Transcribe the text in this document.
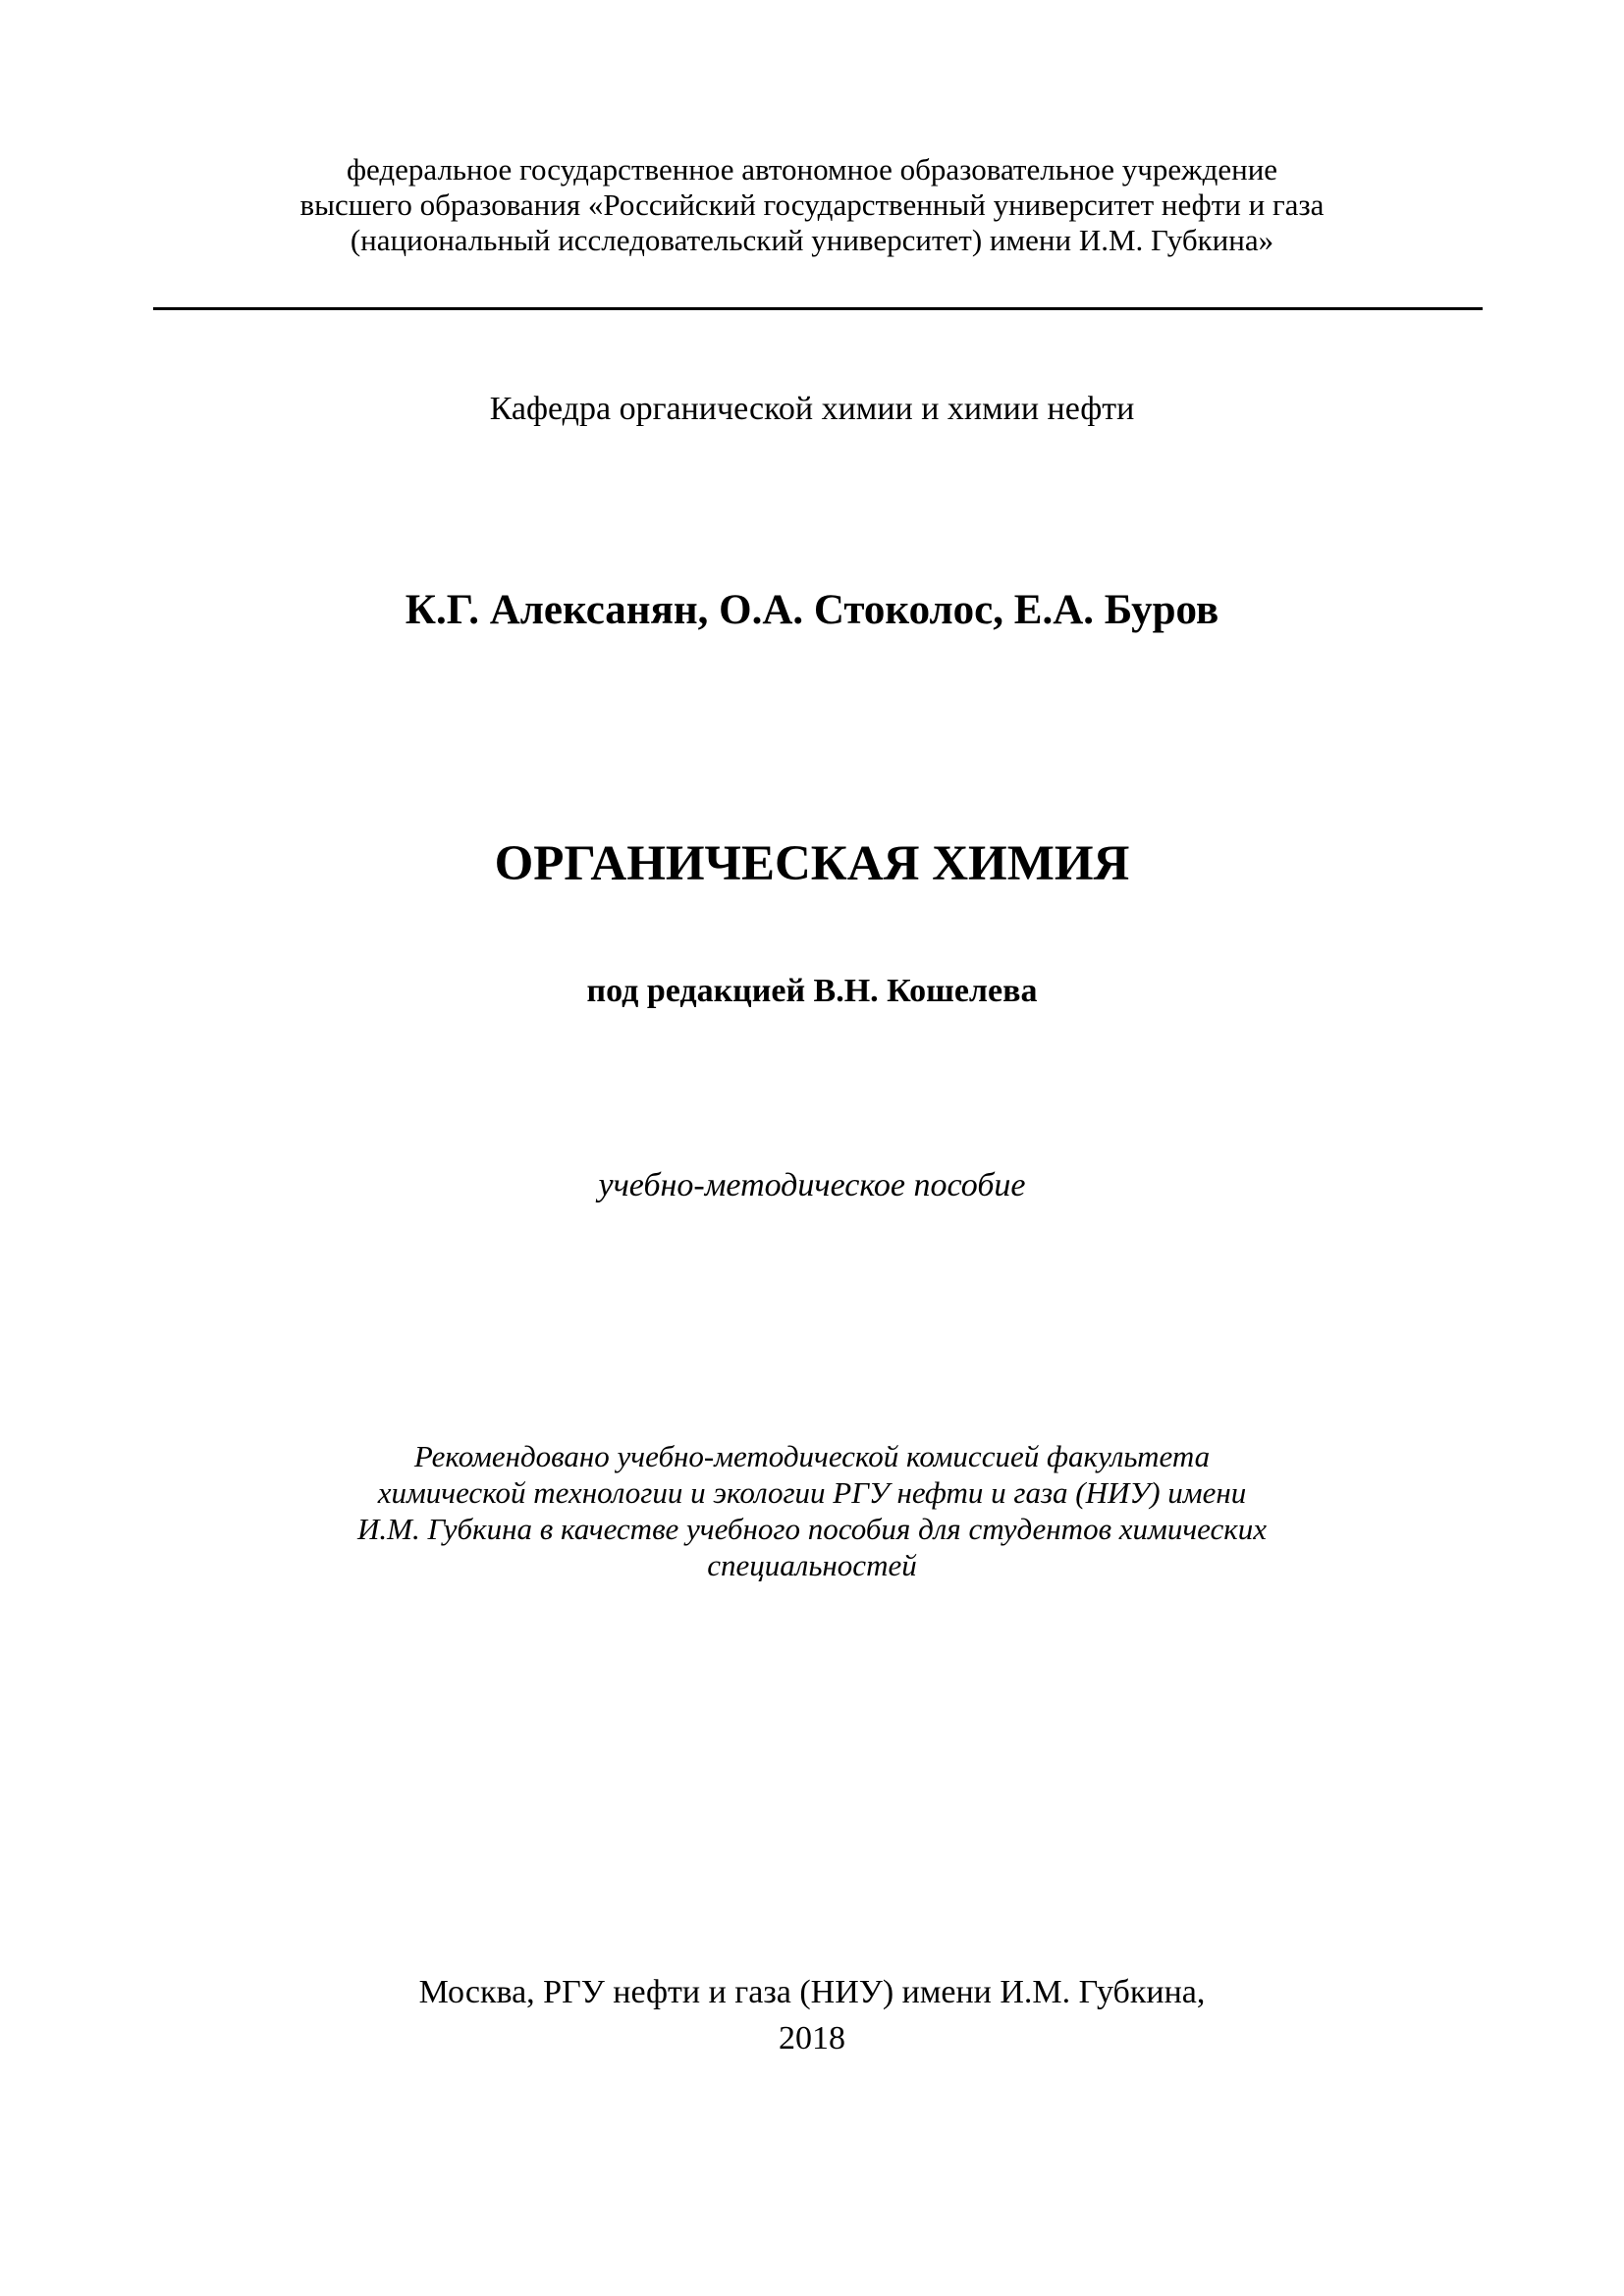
федеральное государственное автономное образовательное учреждение
высшего образования «Российский государственный университет нефти и газа
(национальный исследовательский университет) имени И.М. Губкина»
Кафедра органической химии и химии нефти
К.Г. Алексанян, О.А. Стоколос, Е.А. Буров
ОРГАНИЧЕСКАЯ ХИМИЯ
под редакцией В.Н. Кошелева
учебно-методическое пособие
Рекомендовано учебно-методической комиссией факультета
химической технологии и экологии РГУ нефти и газа (НИУ) имени
И.М. Губкина в качестве учебного пособия для студентов химических
специальностей
Москва, РГУ нефти и газа (НИУ) имени И.М. Губкина,
2018
